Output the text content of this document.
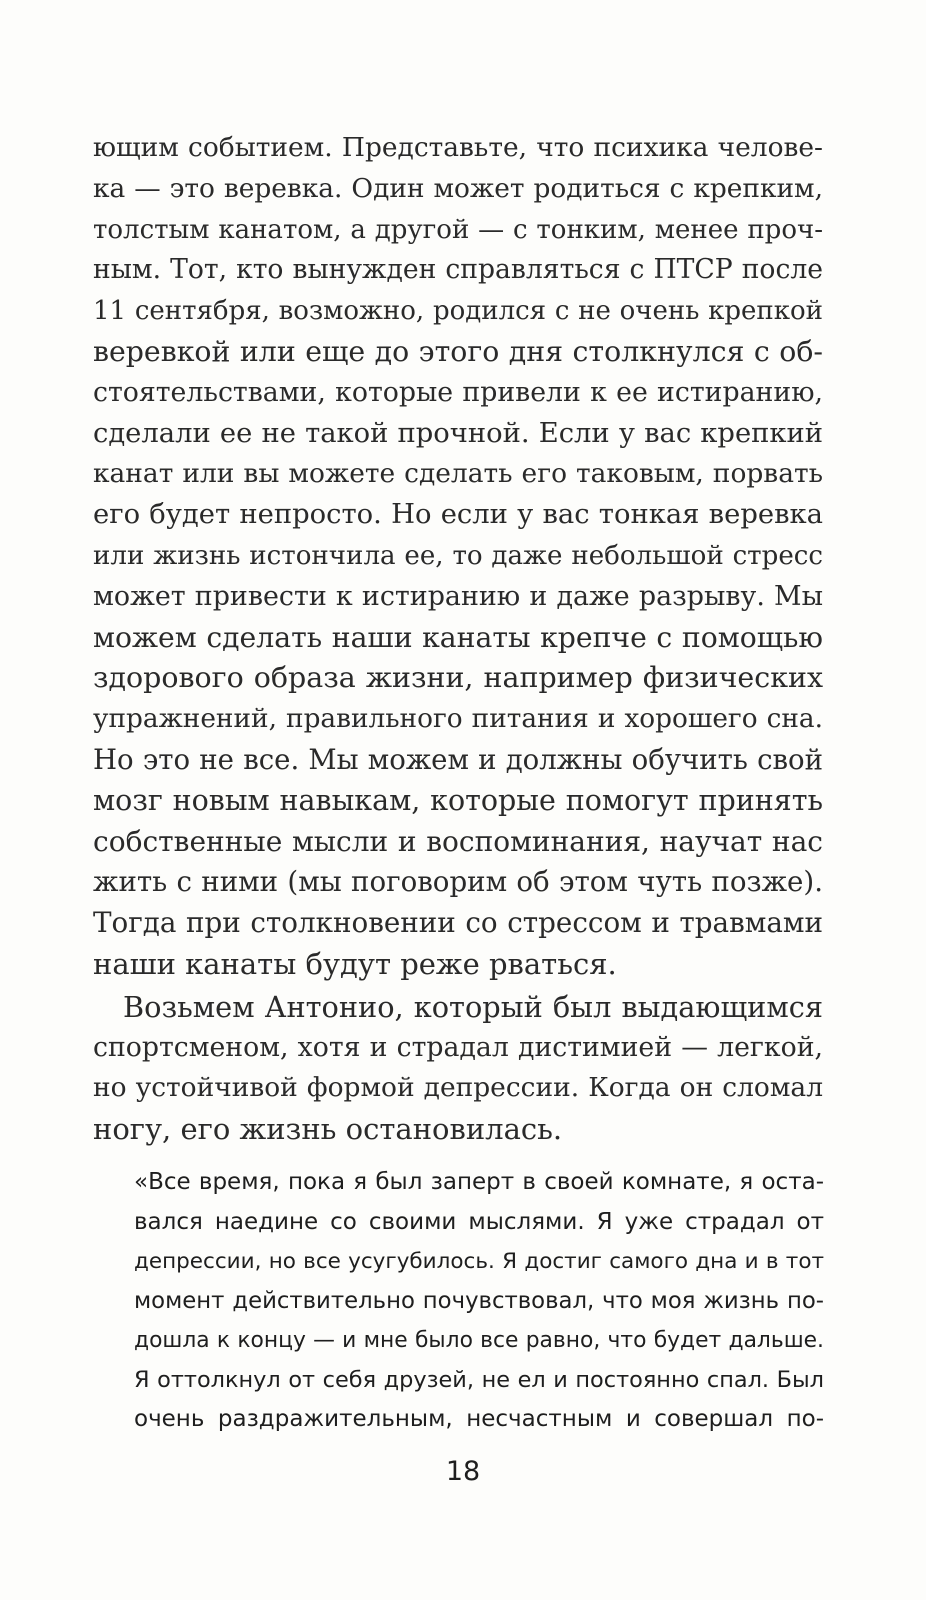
ющим событием. Представьте, что психика челове-
ка — это веревка. Один может родиться с крепким,
толстым канатом, а другой — с тонким, менее проч-
ным. Тот, кто вынужден справляться с ПТСР после
11 сентября, возможно, родился с не очень крепкой
веревкой или еще до этого дня столкнулся с об-
стоятельствами, которые привели к ее истиранию,
сделали ее не такой прочной. Если у вас крепкий
канат или вы можете сделать его таковым, порвать
его будет непросто. Но если у вас тонкая веревка
или жизнь истончила ее, то даже небольшой стресс
может привести к истиранию и даже разрыву. Мы
можем сделать наши канаты крепче с помощью
здорового образа жизни, например физических
упражнений, правильного питания и хорошего сна.
Но это не все. Мы можем и должны обучить свой
мозг новым навыкам, которые помогут принять
собственные мысли и воспоминания, научат нас
жить с ними (мы поговорим об этом чуть позже).
Тогда при столкновении со стрессом и травмами
наши канаты будут реже рваться.
Возьмем Антонио, который был выдающимся
спортсменом, хотя и страдал дистимией — легкой,
но устойчивой формой депрессии. Когда он сломал
ногу, его жизнь остановилась.
«Все время, пока я был заперт в своей комнате, я оста-
вался наедине со своими мыслями. Я уже страдал от
депрессии, но все усугубилось. Я достиг самого дна и в тот
момент действительно почувствовал, что моя жизнь по-
дошла к концу — и мне было все равно, что будет дальше.
Я оттолкнул от себя друзей, не ел и постоянно спал. Был
очень раздражительным, несчастным и совершал по-
18
